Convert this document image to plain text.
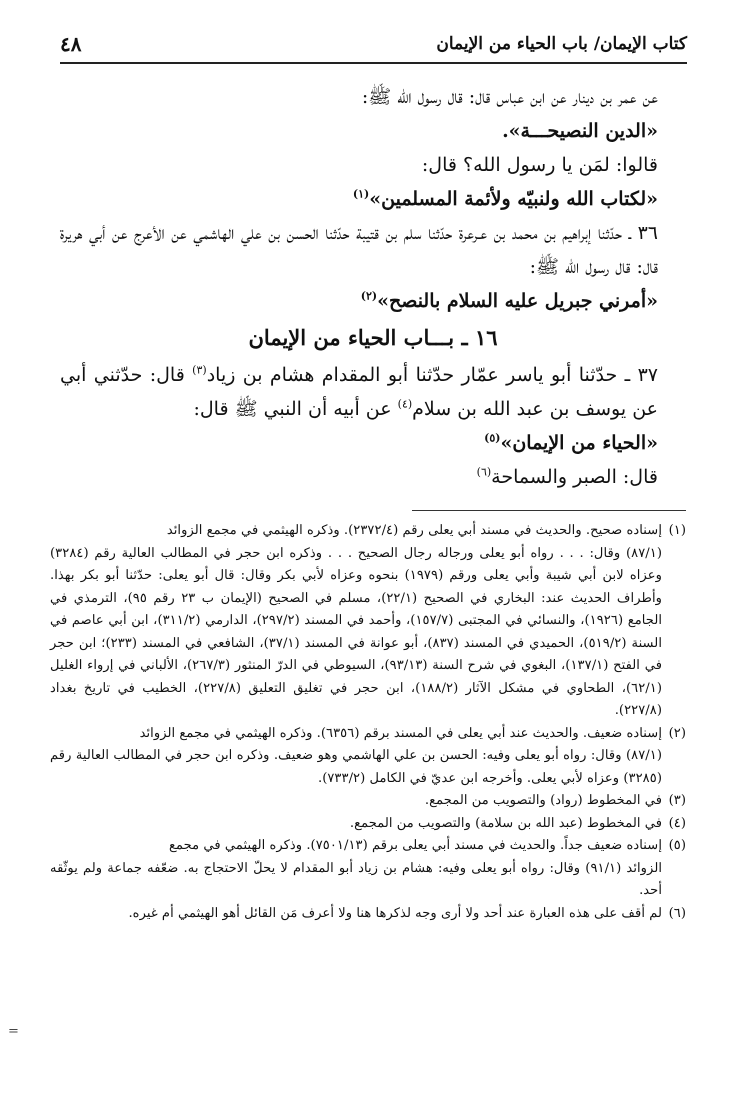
كتاب الإيمان/ باب الحياء من الإيمان
٤٨

عن عمر بن دينار عن ابن عباس قال: قال رسول الله ﷺ:

«الدين النصيحـــة».

قالوا: لمَن يا رسول الله؟ قال:

«لكتاب الله ولنبيّه ولأئمة المسلمين»$^{(١)}$

٣٦ ـ حدّثنا إبراهيم بن محمد بن عـرعرة حدّثنا سلم بن قتيبة حدّثنا الحسن بن علي الهاشمي عن الأعرج عن أبي هريرة قال: قال رسول الله ﷺ:

«أمرني جبريل عليه السلام بالنصح»$^{(٢)}$

١٦ ـ بـــاب الحياء من الإيمان

٣٧ ـ حدّثنا أبو ياسر عمّار حدّثنا أبو المقدام هشام بن زياد$^{(٣)}$ قال: حدّثني أبي عن يوسف بن عبد الله بن سلام$^{(٤)}$ عن أبيه أن النبي ﷺ قال:

«الحياء من الإيمان»$^{(٥)}$

قال: الصبر والسماحة$^{(٦)}$

(١)إسناده صحيح. والحديث في مسند أبي يعلى رقم (٢٣٧٢/٤). وذكره الهيثمي في مجمع الزوائد
(٨٧/١) وقال: . . . رواه أبو يعلى ورجاله رجال الصحيح . . . وذكره ابن حجر في المطالب العالية رقم (٣٢٨٤) وعزاه لابن أبي شيبة وأبي يعلى ورقم (١٩٧٩) بنحوه وعزاه لأبي بكر وقال: قال أبو يعلى: حدّثنا أبو بكر بهذا. وأطراف الحديث عند: البخاري في الصحيح (٢٢/١)، مسلم في الصحيح (الإيمان ب ٢٣ رقم ٩٥)، الترمذي في الجامع (١٩٢٦)، والنسائي في المجتبى (١٥٧/٧)، وأحمد في المسند (٢٩٧/٢)، الدارمي (٣١١/٢)، ابن أبي عاصم في السنة (٥١٩/٢)، الحميدي في المسند (٨٣٧)، أبو عوانة في المسند (٣٧/١)، الشافعي في المسند (٢٣٣)؛ ابن حجر في الفتح (١٣٧/١)، البغوي في شرح السنة (٩٣/١٣)، السيوطي في الدرّ المنثور (٢٦٧/٣)، الألباني في إرواء الغليل (٦٢/١)، الطحاوي في مشكل الآثار (١٨٨/٢)، ابن حجر في تغليق التعليق (٢٢٧/٨)، الخطيب في تاريخ بغداد (٢٢٧/٨).

(٢)إسناده ضعيف. والحديث عند أبي يعلى في المسند برقم (٦٣٥٦). وذكره الهيثمي في مجمع الزوائد
(٨٧/١) وقال: رواه أبو يعلى وفيه: الحسن بن علي الهاشمي وهو ضعيف. وذكره ابن حجر في المطالب العالية رقم (٣٢٨٥) وعزاه لأبي يعلى. وأخرجه ابن عديّ في الكامل (٧٣٣/٢).

(٣)في المخطوط (رواد) والتصويب من المجمع.

(٤)في المخطوط (عبد الله بن سلامة) والتصويب من المجمع.

(٥)إسناده ضعيف جداً. والحديث في مسند أبي يعلى برقم (٧٥٠١/١٣). وذكره الهيثمي في مجمع
الزوائد (٩١/١) وقال: رواه أبو يعلى وفيه: هشام بن زياد أبو المقدام لا يحلّ الاحتجاج به. ضعّفه جماعة ولم يوثّقه أحد.

(٦)لم أقف على هذه العبارة عند أحد ولا أرى وجه لذكرها هنا ولا أعرف مَن القائل أهو الهيثمي أم غيره.

=
